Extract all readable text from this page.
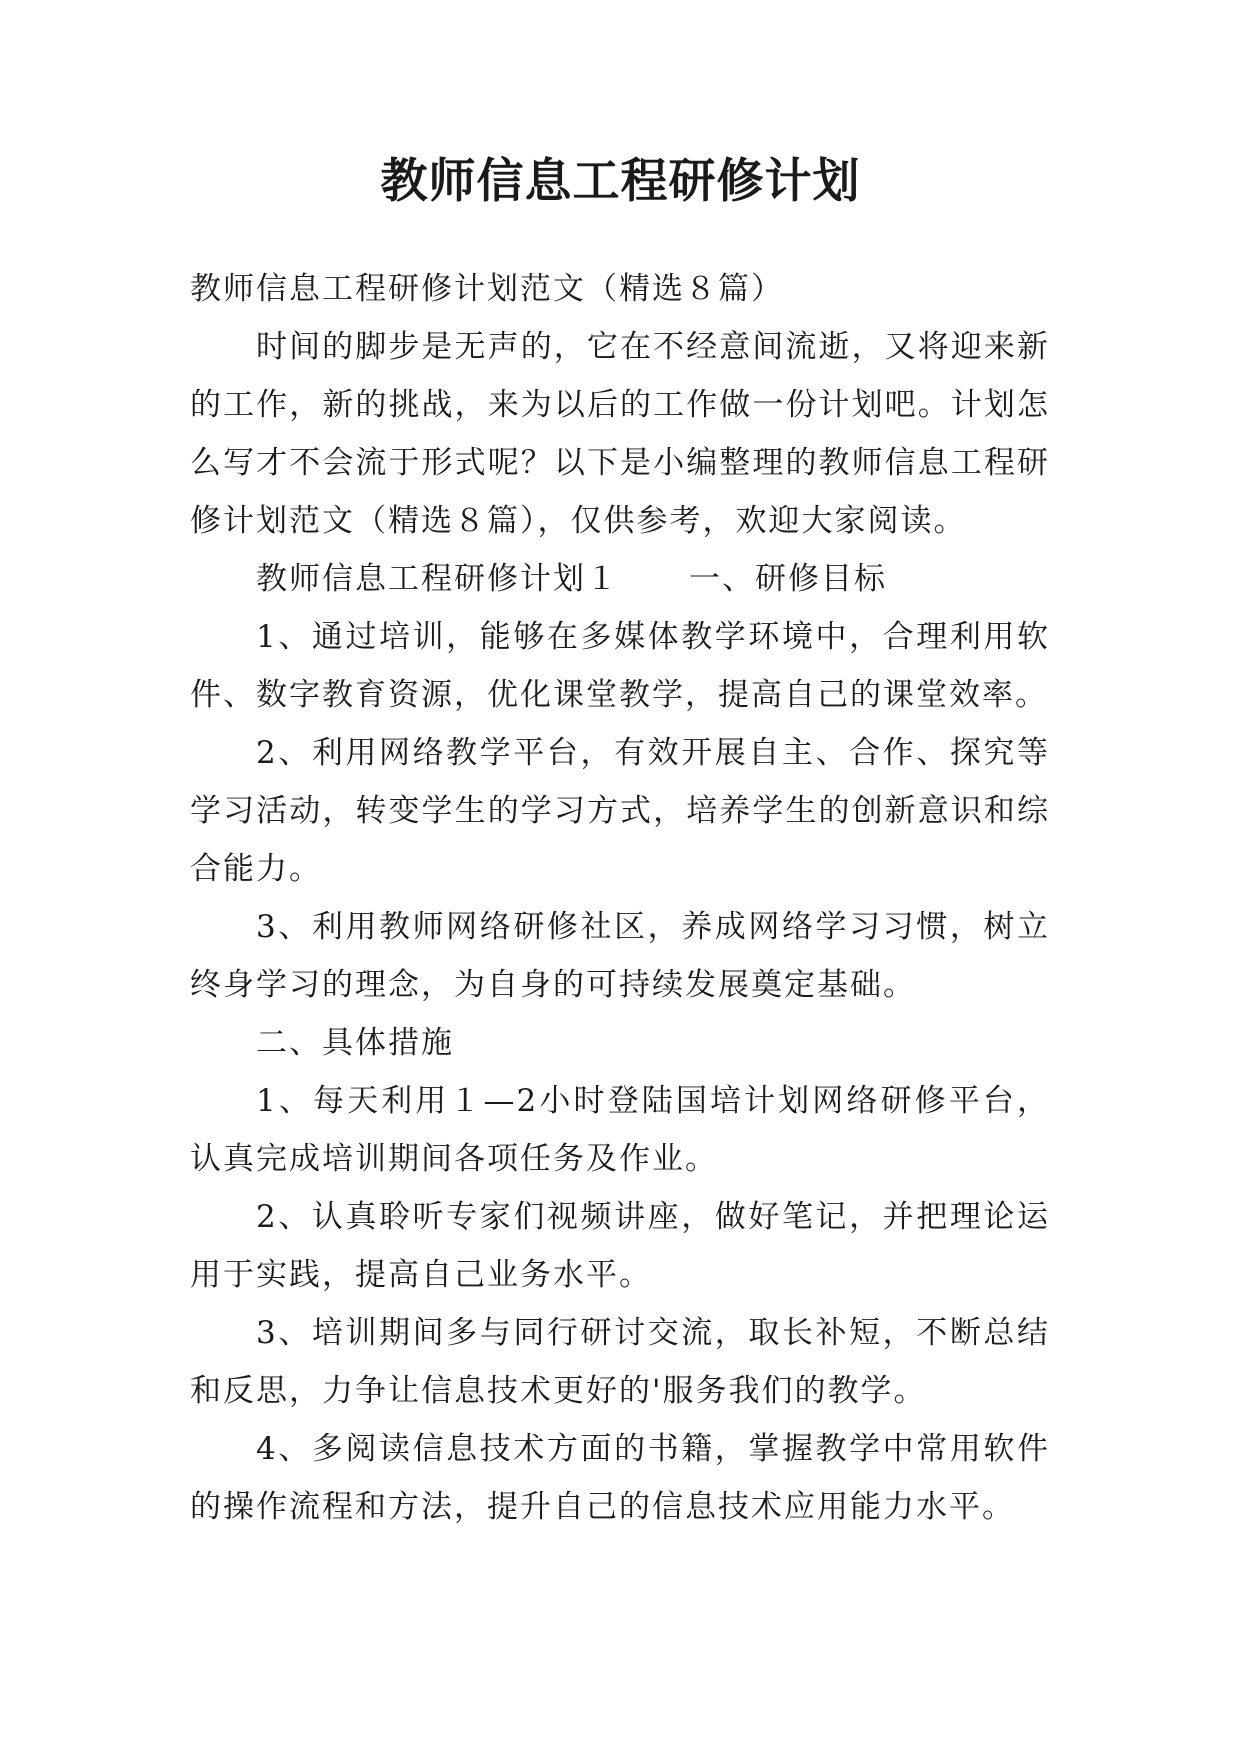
教师信息工程研修计划

教师信息工程研修计划范文（精选８篇）

时间的脚步是无声的，它在不经意间流逝，又将迎来新的工作，新的挑战，来为以后的工作做一份计划吧。计划怎么写才不会流于形式呢？以下是小编整理的教师信息工程研修计划范文（精选８篇），仅供参考，欢迎大家阅读。

教师信息工程研修计划１ 一、研修目标

1、通过培训，能够在多媒体教学环境中，合理利用软件、数字教育资源，优化课堂教学，提高自己的课堂效率。

2、利用网络教学平台，有效开展自主、合作、探究等学习活动，转变学生的学习方式，培养学生的创新意识和综合能力。

3、利用教师网络研修社区，养成网络学习习惯，树立终身学习的理念，为自身的可持续发展奠定基础。

二、具体措施

1、每天利用１—2小时登陆国培计划网络研修平台，认真完成培训期间各项任务及作业。

2、认真聆听专家们视频讲座，做好笔记，并把理论运用于实践，提高自己业务水平。

3、培训期间多与同行研讨交流，取长补短，不断总结和反思，力争让信息技术更好的'服务我们的教学。

4、多阅读信息技术方面的书籍，掌握教学中常用软件的操作流程和方法，提升自己的信息技术应用能力水平。
